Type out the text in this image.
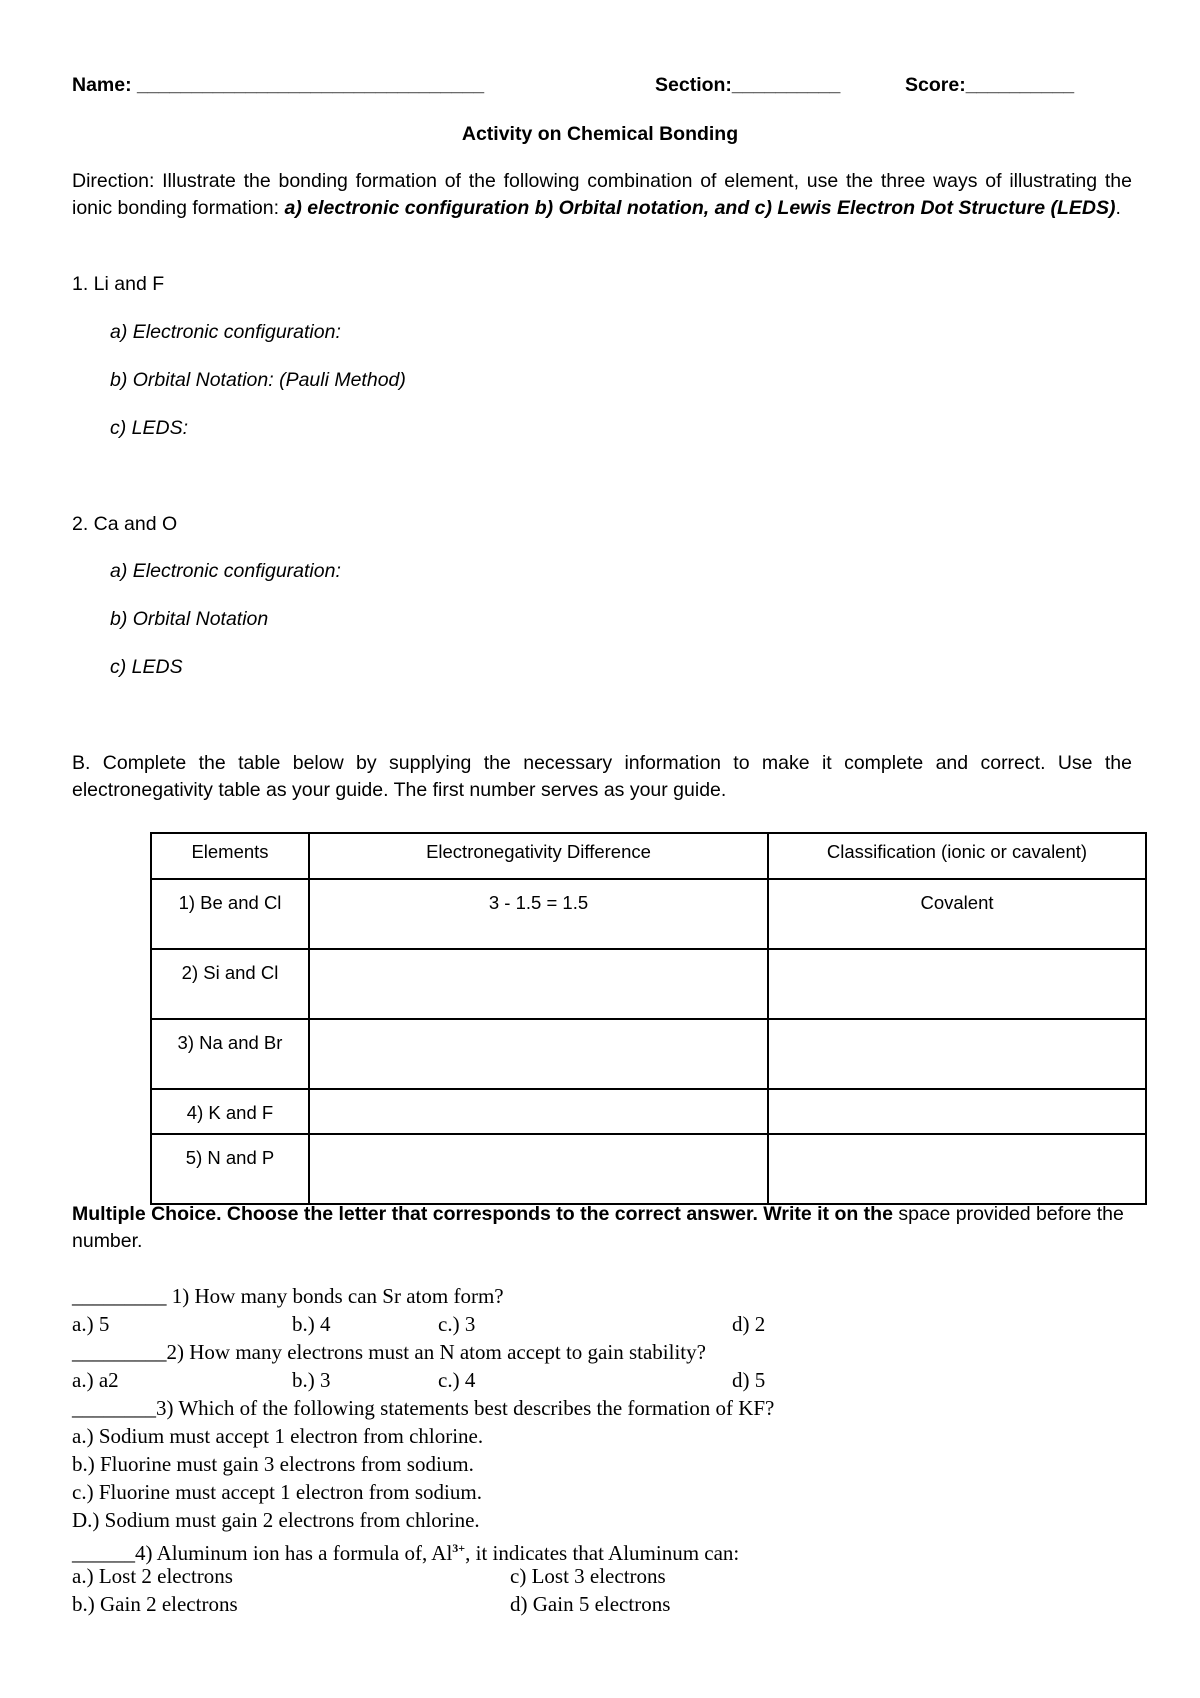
Name: ________________________________	Section:__________	Score:__________
Activity on Chemical Bonding
Direction: Illustrate the bonding formation of the following combination of element, use the three ways of illustrating the ionic bonding formation: a) electronic configuration b) Orbital notation, and c) Lewis Electron Dot Structure (LEDS).
1. Li and F
a) Electronic configuration:
b) Orbital Notation: (Pauli Method)
c) LEDS:
2. Ca and O
a) Electronic configuration:
b) Orbital Notation
c) LEDS
B. Complete the table below by supplying the necessary information to make it complete and correct. Use the electronegativity table as your guide. The first number serves as your guide.
Elements	Electronegativity Difference	Classification (ionic or cavalent)

1) Be and Cl	3 - 1.5 = 1.5	Covalent

2) Si and Cl		

3) Na and Br		

4) K and F		

5) N and P		

Multiple Choice. Choose the letter that corresponds to the correct answer. Write it on the space provided before the number.
_________ 1) How many bonds can Sr atom form?
a.) 5	b.) 4	c.) 3	d) 2
_________2) How many electrons must an N atom accept to gain stability?
a.) a2	b.) 3	c.) 4	d) 5
________3) Which of the following statements best describes the formation of KF?
a.) Sodium must accept 1 electron from chlorine.
b.) Fluorine must gain 3 electrons from sodium.
c.) Fluorine must accept 1 electron from sodium.
D.) Sodium must gain 2 electrons from chlorine.
______4) Aluminum ion has a formula of, $Al^{3+}$, it indicates that Aluminum can:
a.) Lost 2 electrons	c) Lost 3 electrons
b.) Gain 2 electrons	d) Gain 5 electrons
